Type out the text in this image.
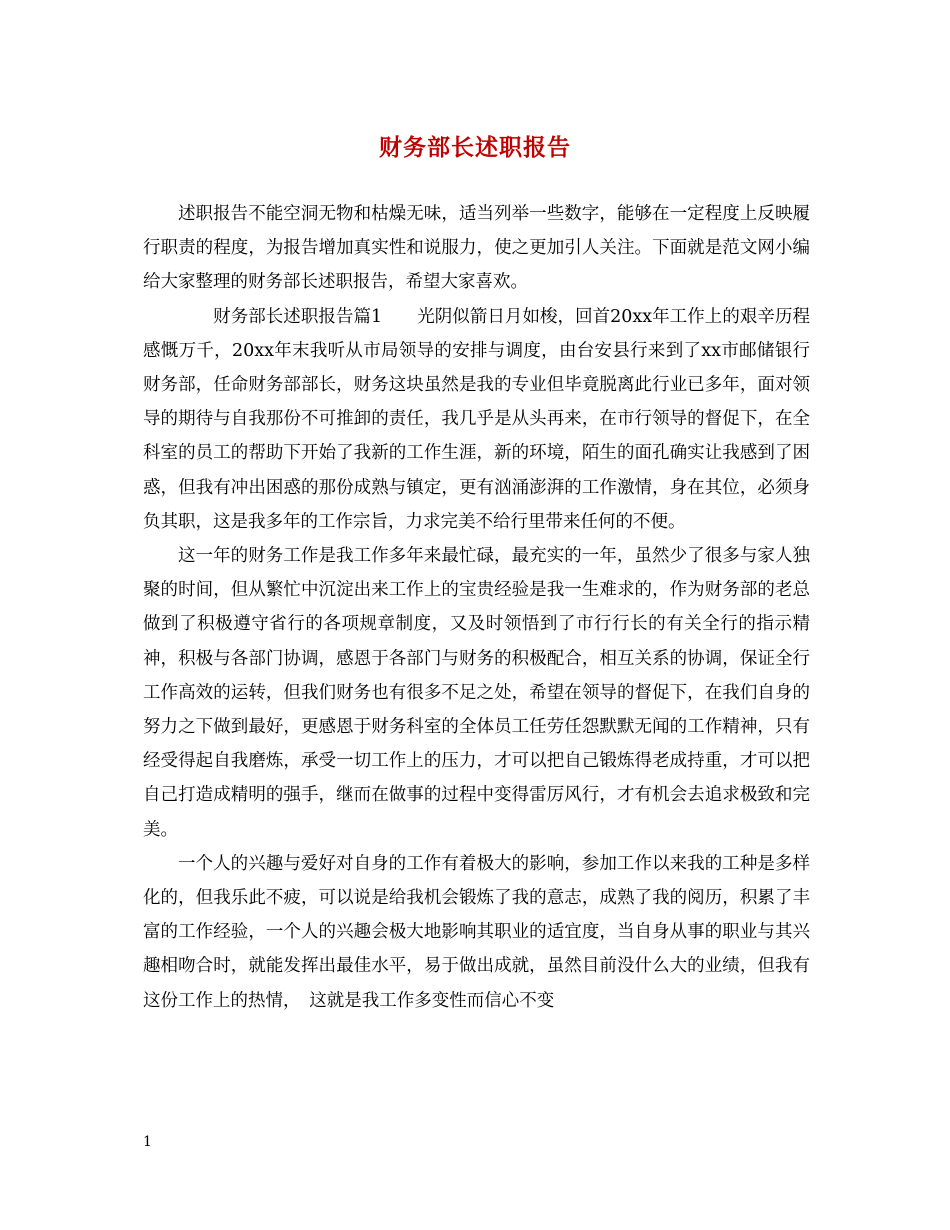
财务部长述职报告

述职报告不能空洞无物和枯燥无味，适当列举一些数字，能够在一定程度上反映履行职责的程度，为报告增加真实性和说服力，使之更加引人关注。下面就是范文网小编给大家整理的财务部长述职报告，希望大家喜欢。

　　　　财务部长述职报告篇1　　光阴似箭日月如梭，回首20xx年工作上的艰辛历程感慨万千，20xx年末我听从市局领导的安排与调度，由台安县行来到了xx市邮储银行财务部，任命财务部部长，财务这块虽然是我的专业但毕竟脱离此行业已多年，面对领导的期待与自我那份不可推卸的责任，我几乎是从头再来，在市行领导的督促下，在全科室的员工的帮助下开始了我新的工作生涯，新的环境，陌生的面孔确实让我感到了困惑，但我有冲出困惑的那份成熟与镇定，更有汹涌澎湃的工作激情，身在其位，必须身负其职，这是我多年的工作宗旨，力求完美不给行里带来任何的不便。

这一年的财务工作是我工作多年来最忙碌，最充实的一年，虽然少了很多与家人独聚的时间，但从繁忙中沉淀出来工作上的宝贵经验是我一生难求的，作为财务部的老总做到了积极遵守省行的各项规章制度，又及时领悟到了市行行长的有关全行的指示精神，积极与各部门协调，感恩于各部门与财务的积极配合，相互关系的协调，保证全行工作高效的运转，但我们财务也有很多不足之处，希望在领导的督促下，在我们自身的努力之下做到最好，更感恩于财务科室的全体员工任劳任怨默默无闻的工作精神，只有经受得起自我磨炼，承受一切工作上的压力，才可以把自己锻炼得老成持重，才可以把自己打造成精明的强手，继而在做事的过程中变得雷厉风行，才有机会去追求极致和完美。

一个人的兴趣与爱好对自身的工作有着极大的影响，参加工作以来我的工种是多样化的，但我乐此不疲，可以说是给我机会锻炼了我的意志，成熟了我的阅历，积累了丰富的工作经验，一个人的兴趣会极大地影响其职业的适宜度，当自身从事的职业与其兴趣相吻合时，就能发挥出最佳水平，易于做出成就，虽然目前没什么大的业绩，但我有这份工作上的热情，　这就是我工作多变性而信心不变

1
